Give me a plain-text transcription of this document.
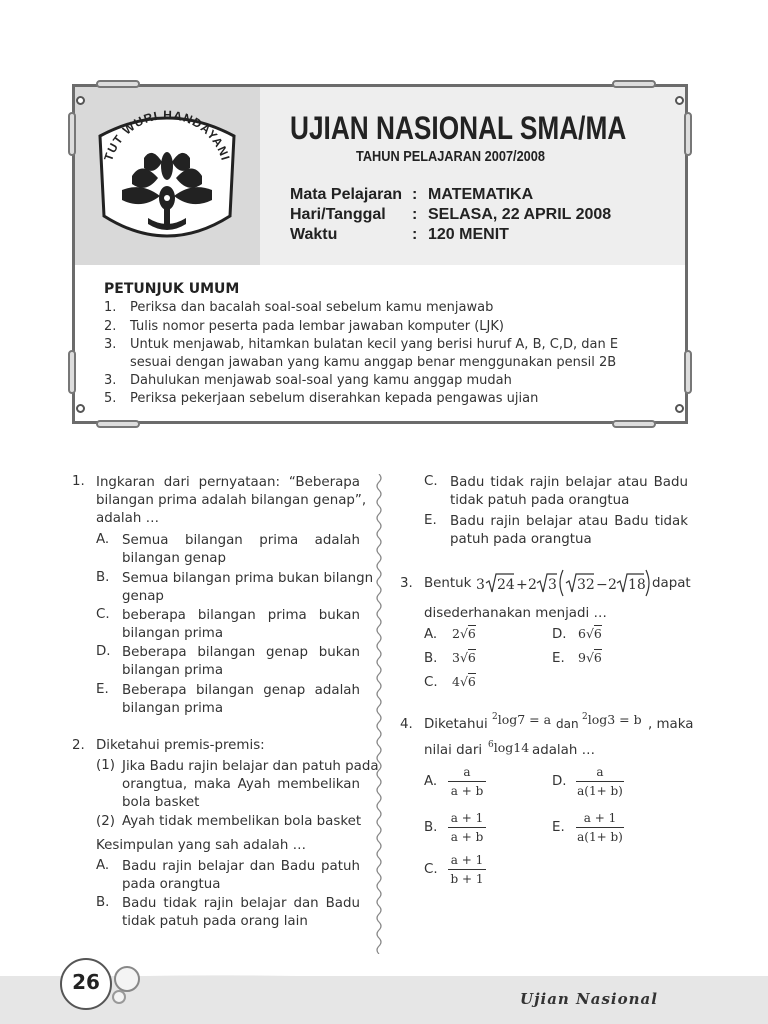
TUT WURI HANDAYANI
UJIAN NASIONAL SMA/MA
TAHUN PELAJARAN 2007/2008
Mata Pelajaran : MATEMATIKA
Hari/Tanggal : SELASA, 22 APRIL 2008
Waktu	: 120 MENIT
PETUNJUK UMUM
1. Periksa dan bacalah soal-soal sebelum kamu menjawab
2. Tulis nomor peserta pada lembar jawaban komputer (LJK)
3. Untuk menjawab, hitamkan bulatan kecil yang berisi huruf A, B, C,D, dan E
sesuai dengan jawaban yang kamu anggap benar menggunakan pensil 2B
3. Dahulukan menjawab soal-soal yang kamu anggap mudah
5. Periksa pekerjaan sebelum diserahkan kepada pengawas ujian
1. Ingkaran dari pernyataan: “Beberapa
bilangan prima adalah bilangan genap”,
adalah …
A. Semua bilangan prima adalah
bilangan genap
B. Semua bilangan prima bukan bilangn
genap
C. beberapa bilangan prima bukan
bilangan prima
D. Beberapa bilangan genap bukan
bilangan prima
E. Beberapa bilangan genap adalah
bilangan prima
2. Diketahui premis-premis:
(1) Jika Badu rajin belajar dan patuh pada
orangtua, maka Ayah membelikan
bola basket
(2) Ayah tidak membelikan bola basket
Kesimpulan yang sah adalah …
A. Badu rajin belajar dan Badu patuh
pada orangtua
B. Badu tidak rajin belajar dan Badu
tidak patuh pada orang lain
C. Badu tidak rajin belajar atau Badu
tidak patuh pada orangtua
E. Badu rajin belajar atau Badu tidak
patuh pada orangtua
3. Bentuk 3 24 + 2 3 32 − 2 18 dapat
disederhanakan menjadi …
A. 2√6	D. 6√6
B. 3√6	E. 9√6
C. 4√6
4. Diketahui $^2$log7 = a dan $^2$log3 = b , maka
nilai dari $^6$log14 adalah …
A.
a
a + b
D.
a
a(1+ b)
B.
a + 1
a + b
E.
a + 1
a(1+ b)
C.
a + 1
b + 1
26
Ujian Nasional
